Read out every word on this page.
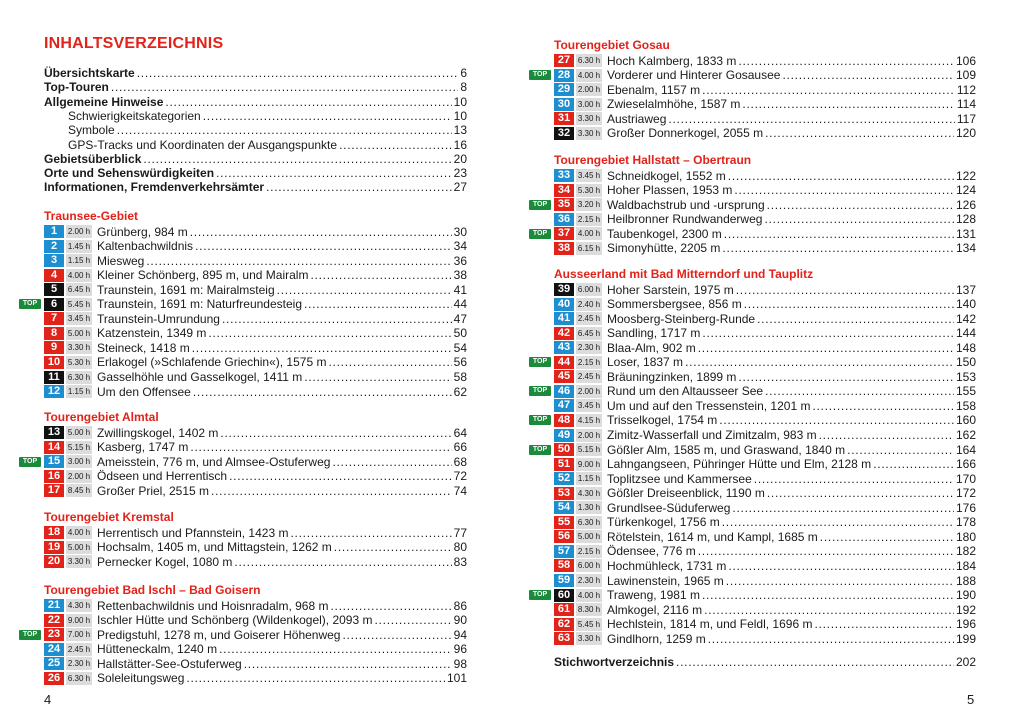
INHALTSVERZEICHNIS
Übersichtskarte . . .	6
Top-Touren . . .	8
Allgemeine Hinweise . . .	10
Schwierigkeitskategorien . . .	10
Symbole . . .	13
GPS-Tracks und Koordinaten der Ausgangspunkte . . .	16
Gebietsüberblick . . .	20
Orte und Sehenswürdigkeiten . . .	23
Informationen, Fremdenverkehrsämter . . .	27
Traunsee-Gebiet
1	2.00 h Grünberg, 984 m . . .	30
2	1.45 h Kaltenbachwildnis . . .	34
3	1.15 h Miesweg . . .	36
4	4.00 h Kleiner Schönberg, 895 m, und Mairalm . . .	38
5	6.45 h Traunstein, 1691 m: Mairalmsteig . . .	41
TOP	6	5.45 h Traunstein, 1691 m: Naturfreundesteig . . .	44
7	3.45 h Traunstein-Umrundung . . .	47
8	5.00 h Katzenstein, 1349 m . . .	50
9	3.30 h Steineck, 1418 m . . .	54
10 5.30 h Erlakogel (»Schlafende Griechin«), 1575 m . . .	56
11	6.30 h Gasselhöhle und Gasselkogel, 1411 m . . .	58
12 1.15 h Um den Offensee . . .	62
Tourengebiet Almtal
13 5.00 h Zwillingskogel, 1402 m . . .	64
14 5.15 h Kasberg, 1747 m . . .	66
TOP 15 3.00 h Ameisstein, 776 m, und Almsee-Ostuferweg . . .	68
16 2.00 h Ödseen und Herrentisch . . .	72
17 8.45 h Großer Priel, 2515 m . . .	74
Tourengebiet Kremstal
18 4.00 h Herrentisch und Pfannstein, 1423 m . . .	77
19 5.00 h Hochsalm, 1405 m, und Mittagstein, 1262 m . . .	80
20 3.30 h Pernecker Kogel, 1080 m . . .	83
Tourengebiet Bad Ischl – Bad Goisern
21 4.30 h Rettenbachwildnis und Hoisnradalm, 968 m . . .	86
22 9.00 h Ischler Hütte und Schönberg (Wildenkogel), 2093 m . . .	90
TOP 23 7.00 h Predigstuhl, 1278 m, und Goiserer Höhenweg . . .	94
24 2.45 h Hütteneckalm, 1240 m . . .	96
25 2.30 h Hallstätter-See-Ostuferweg . . .	98
26 6.30 h Soleleitungsweg . . .	101
Tourengebiet Gosau
27 6.30 h Hoch Kalmberg, 1833 m . . .	106
TOP 28 4.00 h Vorderer und Hinterer Gosausee . . .	109
29 2.00 h Ebenalm, 1157 m . . .	112
30 3.00 h Zwieselalmhöhe, 1587 m . . .	114
31 3.30 h Austriaweg . . .	117
32 3.30 h Großer Donnerkogel, 2055 m . . .	120
Tourengebiet Hallstatt – Obertraun
33 3.45 h Schneidkogel, 1552 m . . .	122
34 5.30 h Hoher Plassen, 1953 m . . .	124
TOP 35 3.20 h Waldbachstrub und -ursprung . . .	126
36 2.15 h Heilbronner Rundwanderweg . . .	128
TOP 37 4.00 h Taubenkogel, 2300 m . . .	131
38 6.15 h Simonyhütte, 2205 m . . .	134
Ausseerland mit Bad Mitterndorf und Tauplitz
39 6.00 h Hoher Sarstein, 1975 m . . .	137
40 2.40 h Sommersbergsee, 856 m . . .	140
41 2.45 h Moosberg-Steinberg-Runde . . .	142
42 6.45 h Sandling, 1717 m . . .	144
43 2.30 h Blaa-Alm, 902 m . . .	148
TOP 44 2.15 h Loser, 1837 m . . .	150
45 2.45 h Bräuningzinken, 1899 m . . .	153
TOP 46 2.00 h Rund um den Altausseer See . . .	155
47 3.45 h Um und auf den Tressenstein, 1201 m . . .	158
TOP 48 4.15 h Trisselkogel, 1754 m . . .	160
49 2.00 h Zimitz-Wasserfall und Zimitzalm, 983 m . . .	162
TOP 50 5.15 h Gößler Alm, 1585 m, und Graswand, 1840 m . . .	164
51 9.00 h Lahngangseen, Pühringer Hütte und Elm, 2128 m . . .	166
52 1.15 h Toplitzsee und Kammersee . . .	170
53 4.30 h Gößler Dreiseenblick, 1190 m . . .	172
54 1.30 h Grundlsee-Süduferweg . . .	176
55 6.30 h Türkenkogel, 1756 m . . .	178
56 5.00 h Rötelstein, 1614 m, und Kampl, 1685 m . . .	180
57 2.15 h Ödensee, 776 m . . .	182
58 6.00 h Hochmühleck, 1731 m . . .	184
59 2.30 h Lawinenstein, 1965 m . . .	188
TOP 60 4.00 h Traweng, 1981 m . . .	190
61 8.30 h Almkogel, 2116 m . . .	192
62 5.45 h Hechlstein, 1814 m, und Feldl, 1696 m . . .	196
63 3.30 h Gindlhorn, 1259 m . . .	199
Stichwortverzeichnis . . .	202
4	5
